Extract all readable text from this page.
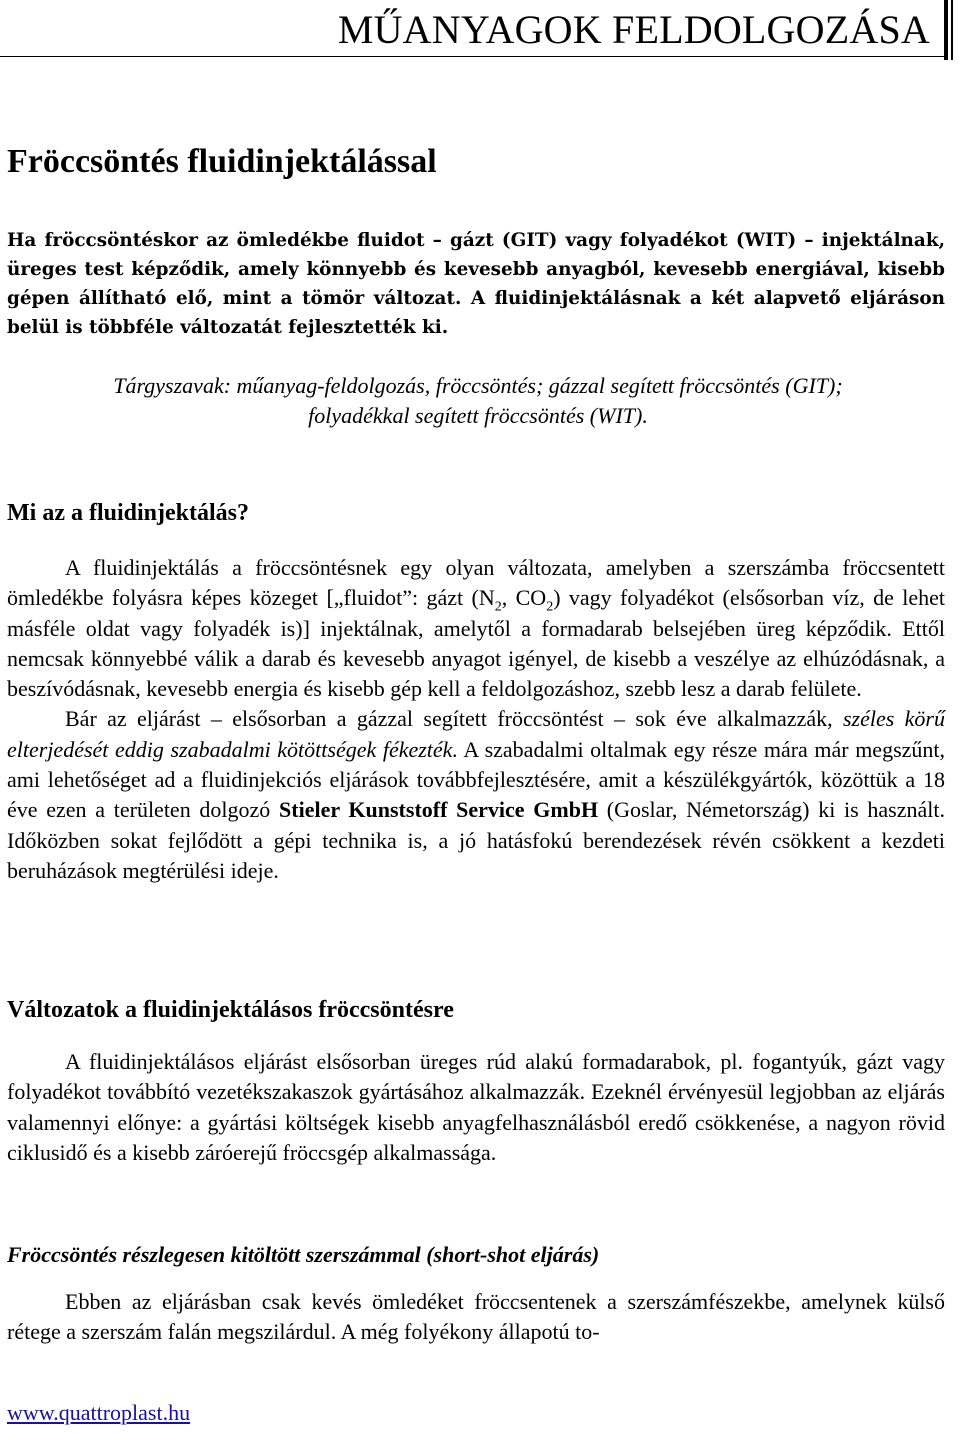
MŰANYAGOK FELDOLGOZÁSA
Fröccsöntés fluidinjektálással

Ha fröccsöntéskor az ömledékbe fluidot – gázt (GIT) vagy folyadékot (WIT) – injektálnak, üreges test képződik, amely könnyebb és kevesebb anyagból, kevesebb energiával, kisebb gépen állítható elő, mint a tömör változat. A fluidinjektálásnak a két alapvető eljáráson belül is többféle változatát fejlesztették ki.

Tárgyszavak: műanyag-feldolgozás, fröccsöntés; gázzal segített fröccsöntés (GIT); folyadékkal segített fröccsöntés (WIT).

Mi az a fluidinjektálás?

A fluidinjektálás a fröccsöntésnek egy olyan változata, amelyben a szerszámba fröccsentett ömledékbe folyásra képes közeget [„fluidot”: gázt ($N_2$, $CO_2$) vagy folyadékot (elsősorban víz, de lehet másféle oldat vagy folyadék is)] injektálnak, amelytől a formadarab belsejében üreg képződik. Ettől nemcsak könnyebbé válik a darab és kevesebb anyagot igényel, de kisebb a veszélye az elhúzódásnak, a beszívódásnak, kevesebb energia és kisebb gép kell a feldolgozáshoz, szebb lesz a darab felülete.

Bár az eljárást – elsősorban a gázzal segített fröccsöntést – sok éve alkalmazzák, széles körű elterjedését eddig szabadalmi kötöttségek fékezték. A szabadalmi oltalmak egy része mára már megszűnt, ami lehetőséget ad a fluidinjekciós eljárások továbbfejlesztésére, amit a készülékgyártók, közöttük a 18 éve ezen a területen dolgozó Stieler Kunststoff Service GmbH (Goslar, Németország) ki is használt. Időközben sokat fejlődött a gépi technika is, a jó hatásfokú berendezések révén csökkent a kezdeti beruházások megtérülési ideje.

Változatok a fluidinjektálásos fröccsöntésre

A fluidinjektálásos eljárást elsősorban üreges rúd alakú formadarabok, pl. fogantyúk, gázt vagy folyadékot továbbító vezetékszakaszok gyártásához alkalmazzák. Ezeknél érvényesül legjobban az eljárás valamennyi előnye: a gyártási költségek kisebb anyagfelhasználásból eredő csökkenése, a nagyon rövid ciklusidő és a kisebb záróerejű fröccsgép alkalmassága.

Fröccsöntés részlegesen kitöltött szerszámmal (short-shot eljárás)

Ebben az eljárásban csak kevés ömledéket fröccsentenek a szerszámfészekbe, amelynek külső rétege a szerszám falán megszilárdul. A még folyékony állapotú to-

www.quattroplast.hu
